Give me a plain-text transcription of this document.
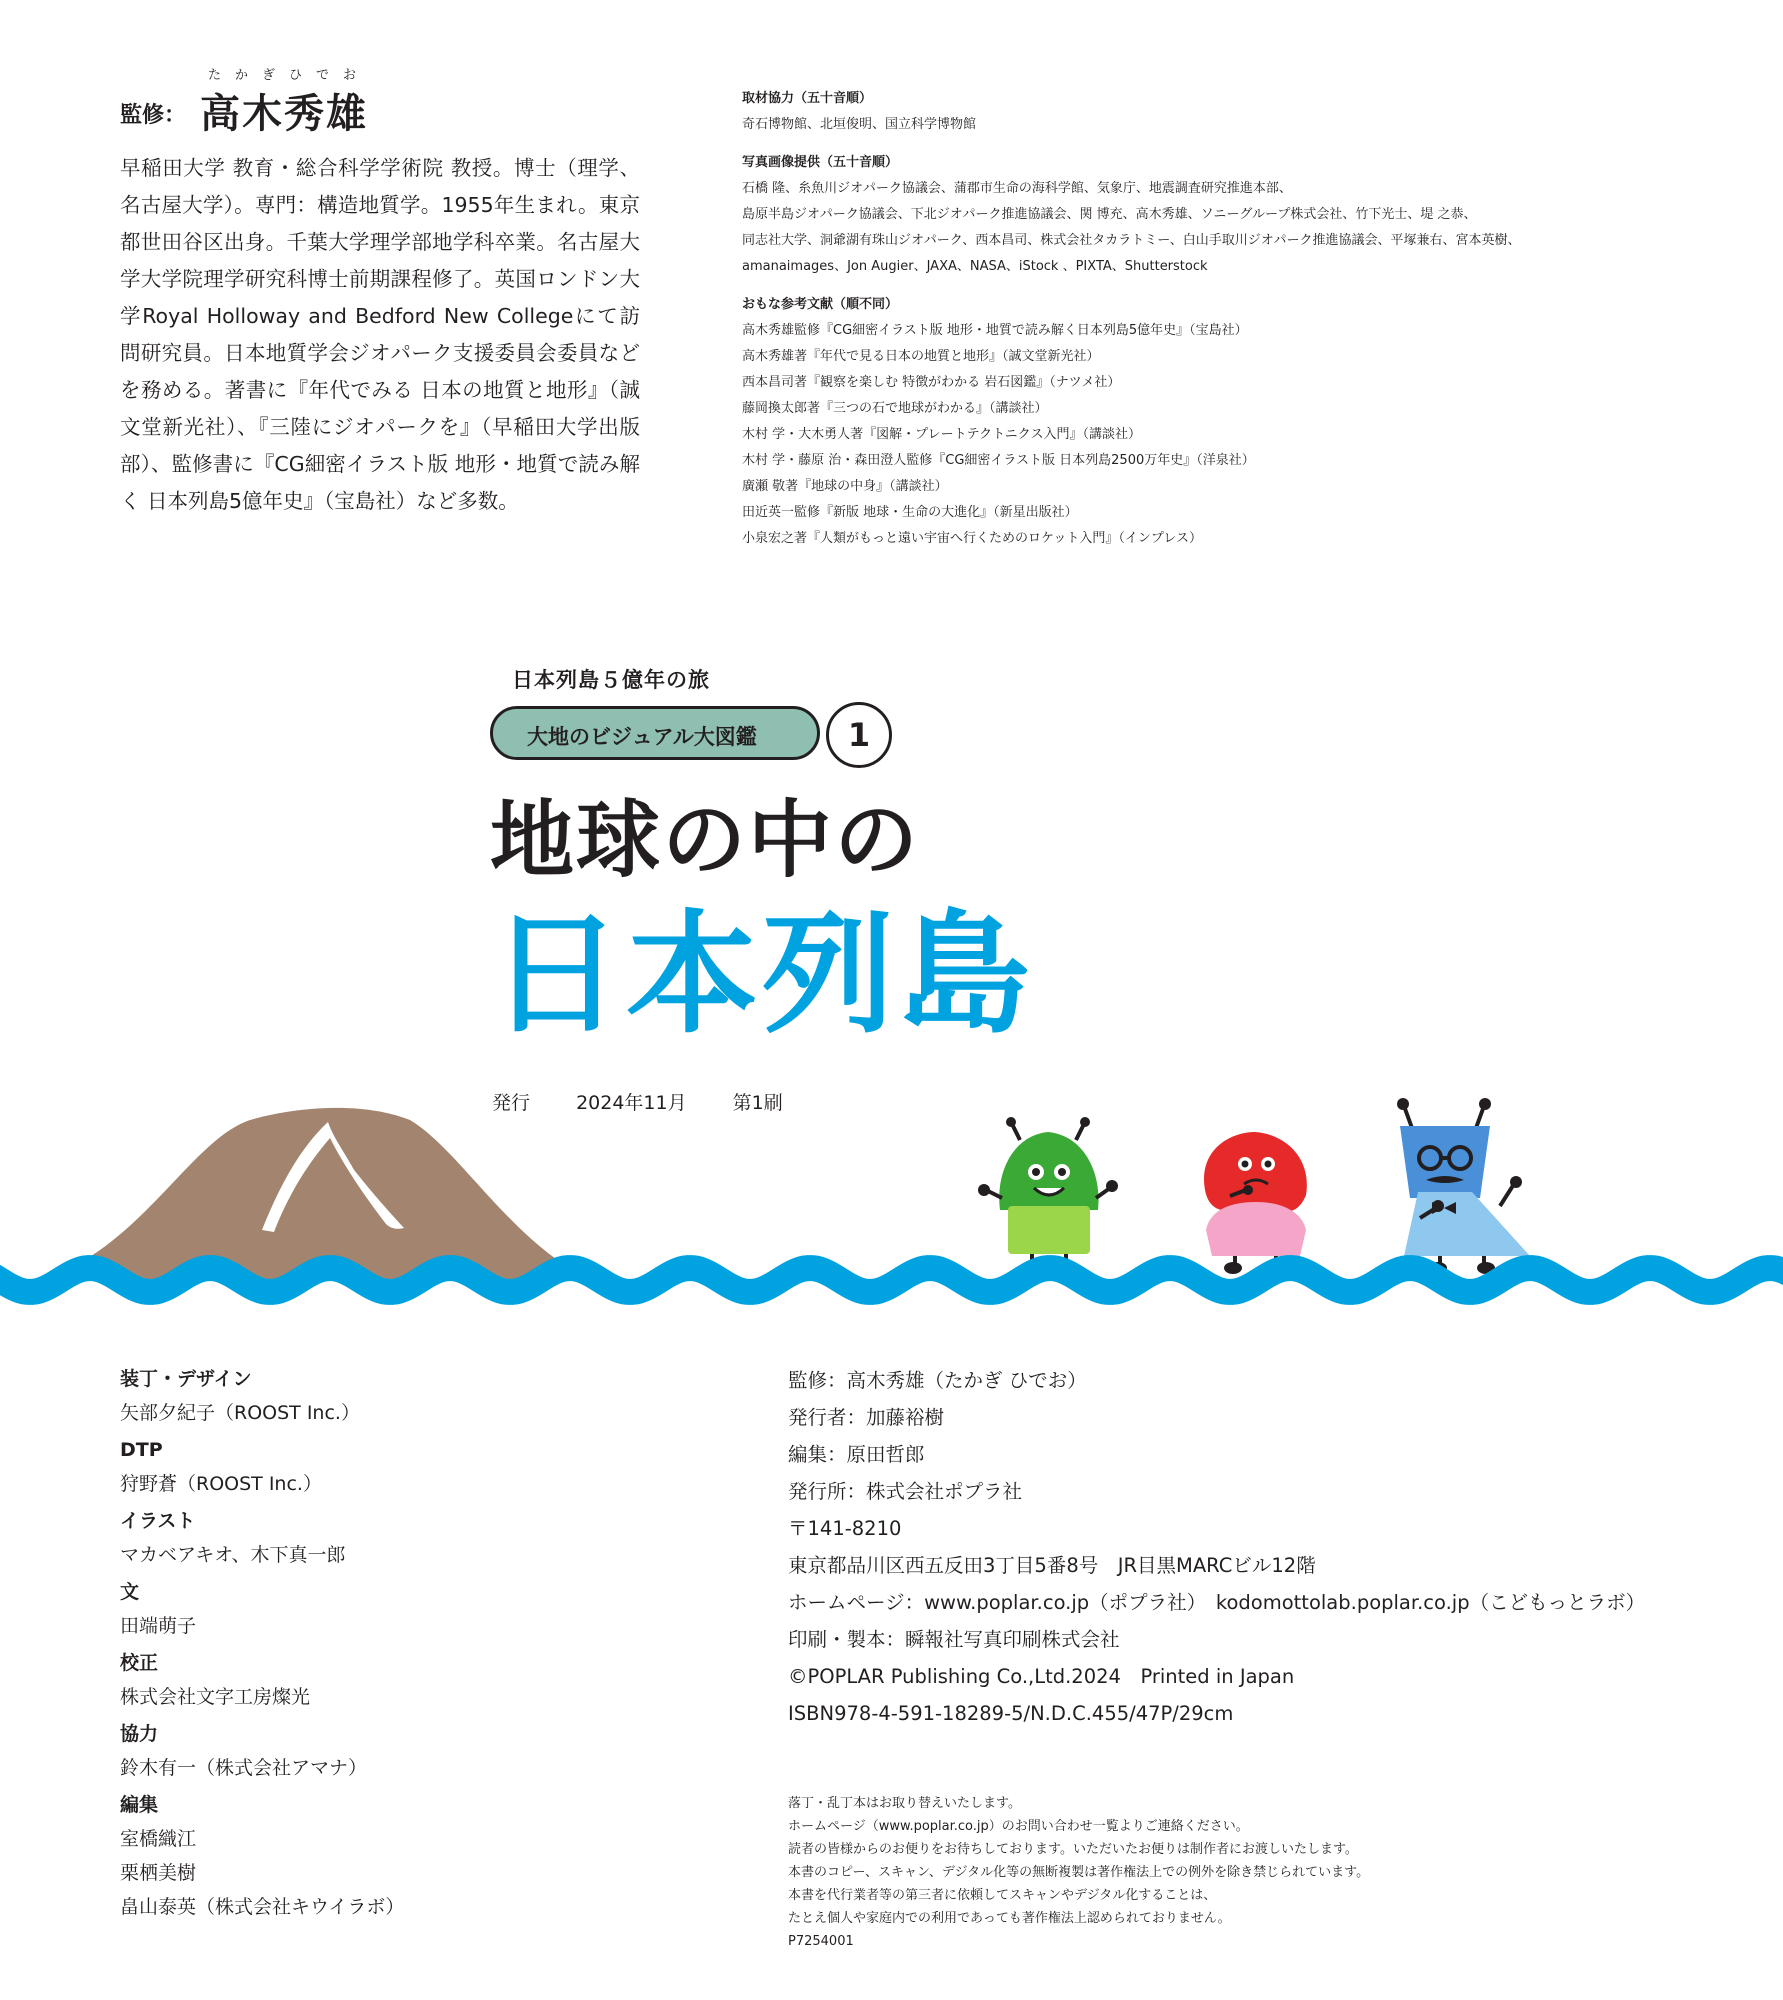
監修：
たかぎひでお
高木秀雄

早稲田大学 教育・総合科学学術院 教授。博士（理学、名古屋大学）。専門：構造地質学。1955年生まれ。東京都世田谷区出身。千葉大学理学部地学科卒業。名古屋大学大学院理学研究科博士前期課程修了。英国ロンドン大学Royal Holloway and Bedford New Collegeにて訪問研究員。日本地質学会ジオパーク支援委員会委員などを務める。著書に『年代でみる 日本の地質と地形』（誠文堂新光社）、『三陸にジオパークを』（早稲田大学出版部）、監修書に『CG細密イラスト版 地形・地質で読み解く 日本列島5億年史』（宝島社）など多数。

取材協力（五十音順）
奇石博物館、北垣俊明、国立科学博物館
写真画像提供（五十音順）
石橋 隆、糸魚川ジオパーク協議会、蒲郡市生命の海科学館、気象庁、地震調査研究推進本部、
島原半島ジオパーク協議会、下北ジオパーク推進協議会、関 博充、高木秀雄、ソニーグループ株式会社、竹下光士、堤 之恭、
同志社大学、洞爺湖有珠山ジオパーク、西本昌司、株式会社タカラトミー、白山手取川ジオパーク推進協議会、平塚兼右、宮本英樹、
amanaimages、Jon Augier、JAXA、NASA、iStock 、PIXTA、Shutterstock
おもな参考文献（順不同）
高木秀雄監修『CG細密イラスト版 地形・地質で読み解く日本列島5億年史』（宝島社）
高木秀雄著『年代で見る日本の地質と地形』（誠文堂新光社）
西本昌司著『観察を楽しむ 特徴がわかる 岩石図鑑』（ナツメ社）
藤岡換太郎著『三つの石で地球がわかる』（講談社）
木村 学・大木勇人著『図解・プレートテクトニクス入門』（講談社）
木村 学・藤原 治・森田澄人監修『CG細密イラスト版 日本列島2500万年史』（洋泉社）
廣瀬 敬著『地球の中身』（講談社）
田近英一監修『新版 地球・生命の大進化』（新星出版社）
小泉宏之著『人類がもっと遠い宇宙へ行くためのロケット入門』（インプレス）
日本列島５億年の旅
大地のビジュアル大図鑑	1
地球の中の
日本列島
発行 2024年11月 第1刷
装丁・デザイン
矢部夕紀子（ROOST Inc.）
DTP
狩野蒼（ROOST Inc.）
イラスト
マカベアキオ、木下真一郎
文
田端萌子
校正
株式会社文字工房燦光
協力
鈴木有一（株式会社アマナ）
編集
室橋織江
栗栖美樹
畠山泰英（株式会社キウイラボ）
監修：高木秀雄（たかぎ ひでお）
発行者：加藤裕樹
編集：原田哲郎
発行所：株式会社ポプラ社
〒141-8210
東京都品川区西五反田3丁目5番8号　JR目黒MARCビル12階
ホームページ：www.poplar.co.jp（ポプラ社）　kodomottolab.poplar.co.jp（こどもっとラボ）
印刷・製本：瞬報社写真印刷株式会社
©POPLAR Publishing Co.,Ltd.2024　Printed in Japan
ISBN978-4-591-18289-5/N.D.C.455/47P/29cm
落丁・乱丁本はお取り替えいたします。
ホームページ（www.poplar.co.jp）のお問い合わせ一覧よりご連絡ください。
読者の皆様からのお便りをお待ちしております。いただいたお便りは制作者にお渡しいたします。
本書のコピー、スキャン、デジタル化等の無断複製は著作権法上での例外を除き禁じられています。
本書を代行業者等の第三者に依頼してスキャンやデジタル化することは、
たとえ個人や家庭内での利用であっても著作権法上認められておりません。
P7254001
